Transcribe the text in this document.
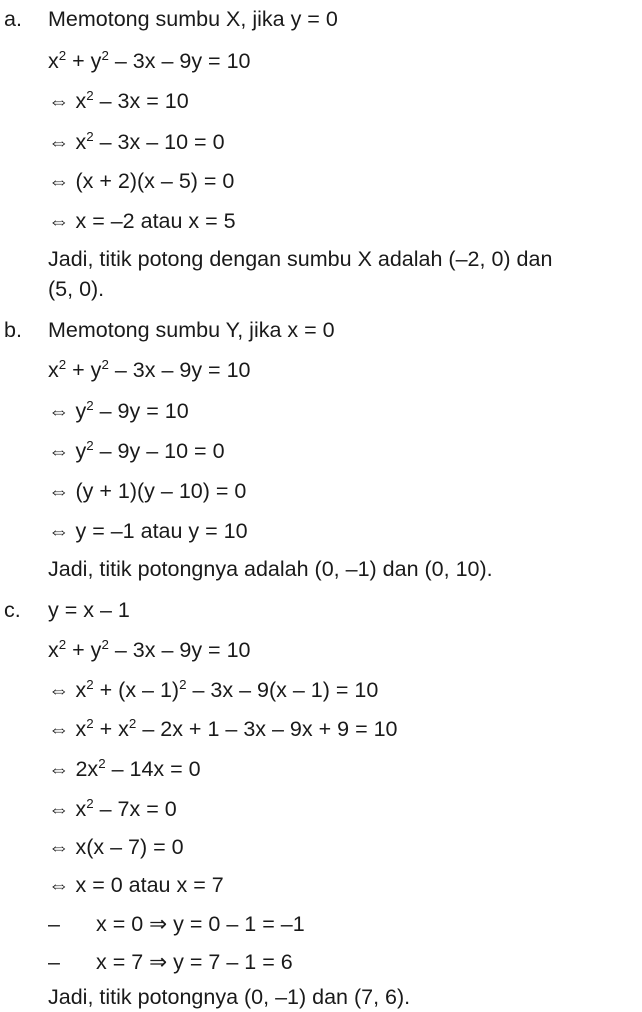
a. Memotong sumbu X, jika y = 0
$x^2 + y^2 - 3x - 9y = 10$
⇔ $x^2 - 3x = 10$
⇔ $x^2 - 3x - 10 = 0$
⇔ (x + 2)(x – 5) = 0
⇔ x = –2 atau x = 5
Jadi, titik potong dengan sumbu X adalah (–2, 0) dan
(5, 0).
b. Memotong sumbu Y, jika x = 0
$x^2 + y^2 - 3x - 9y = 10$
⇔ $y^2 - 9y = 10$
⇔ $y^2 - 9y - 10 = 0$
⇔ (y + 1)(y – 10) = 0
⇔ y = –1 atau y = 10
Jadi, titik potongnya adalah (0, –1) dan (0, 10).
c. y = x – 1
$x^2 + y^2 - 3x - 9y = 10$
⇔ $x^2 + (x - 1)^2 - 3x - 9(x - 1) = 10$
⇔ $x^2 + x^2 - 2x + 1 - 3x - 9x + 9 = 10$
⇔ $2x^2 - 14x = 0$
⇔ $x^2 - 7x = 0$
⇔ x(x – 7) = 0
⇔ x = 0 atau x = 7
– x = 0 ⇒ y = 0 – 1 = –1
– x = 7 ⇒ y = 7 – 1 = 6
Jadi, titik potongnya (0, –1) dan (7, 6).
